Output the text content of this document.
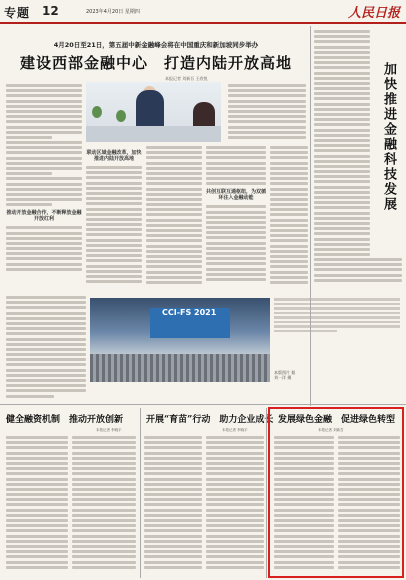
专题 12	2023年4月20日 星期四	人民日报
4月20日至21日，第五届中新金融峰会将在中国重庆和新加坡同步举办
建设西部金融中心　打造内陆开放高地
本报记者 刘新吾 王欣悦
推动开放金融合作，不断释放金融开放红利
联动区域金融改革，加快推进内陆开放高地
共创互联互通枢纽，为双循环注入金融动能
CCI-FS 2021
本版图片 据
刘一洋 摄
加快推进金融科技发展
健全融资机制　推动开放创新
本报记者 李晓宇
开展“育苗”行动　助力企业成长
本报记者 李晓宇
发展绿色金融　促进绿色转型
本报记者 刘新吾
